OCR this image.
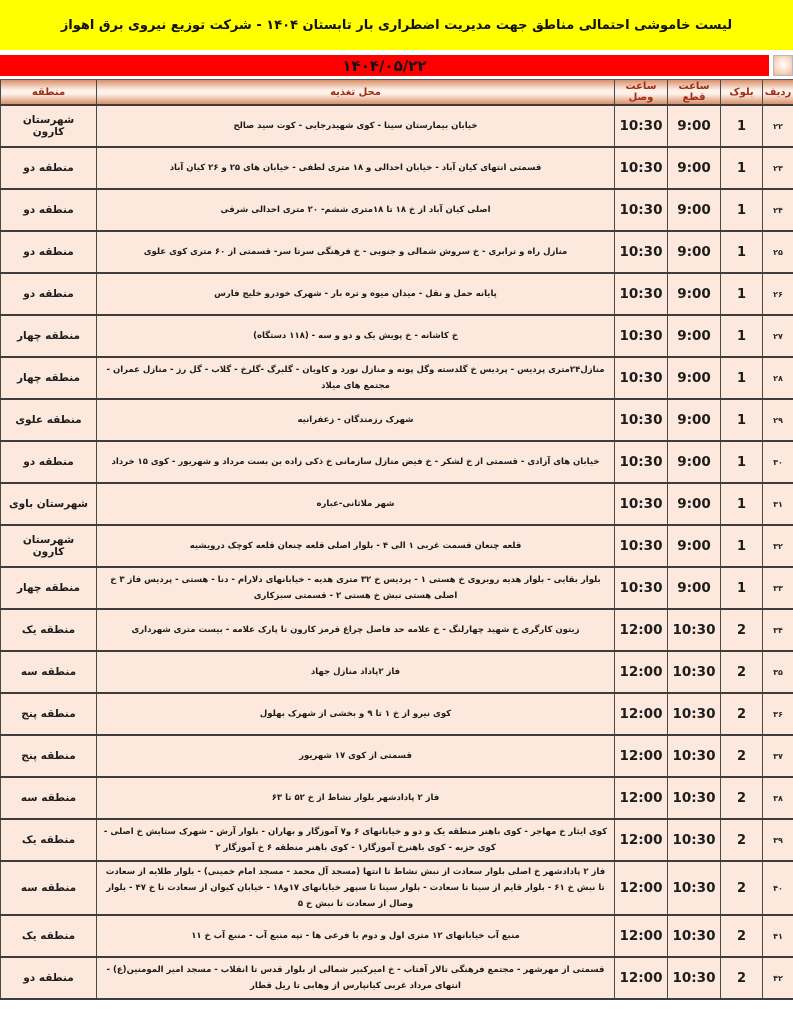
لیست خاموشی احتمالی مناطق جهت مدیریت اضطراری بار تابستان ۱۴۰۴ - شرکت توزیع نیروی برق اهواز
۱۴۰۴/۰۵/۲۲
ردیف
بلوک
ساعت قطع
ساعت وصل
محل تغذیه
منطقه
۲۲
1
9:00
10:30
خیابان بیمارستان سینا - کوی شهیدرجایی - کوت سید صالح
شهرستان کارون
۲۳
1
9:00
10:30
قسمتی انتهای کیان آباد - خیابان احدالی و ۱۸ متری لطفی - خیابان های ۲۵ و ۲۶ کیان آباد
منطقه دو
۲۴
1
9:00
10:30
اصلی کیان آباد از خ ۱۸ تا ۱۸متری ششم- ۲۰ متری احدالی شرقی
منطقه دو
۲۵
1
9:00
10:30
منازل راه و ترابری - خ سروش شمالی و جنوبی - خ فرهنگی سرتا سر- قسمتی از ۶۰ متری کوی علوی
منطقه دو
۲۶
1
9:00
10:30
پایانه حمل و نقل - میدان میوه و تره بار - شهرک خودرو خلیج فارس
منطقه دو
۲۷
1
9:00
10:30
خ کاشانه - خ پویش یک و دو و سه - (۱۱۸ دستگاه)
منطقه چهار
۲۸
1
9:00
10:30
منازل۲۴متری پردیس - پردیس خ گلدسته وگل پونه و منازل نورد و کاویان - گلبرگ -گلرخ - گلاب - گل رز - منازل عمران - مجتمع های میلاد
منطقه چهار
۲۹
1
9:00
10:30
شهرک رزمندگان - زعفرانیه
منطقه علوی
۳۰
1
9:00
10:30
خیابان های آزادی - قسمتی از خ لشکر - خ فیض منازل سازمانی خ ذکی زاده بن بست مرداد و شهریور - کوی ۱۵ خرداد
منطقه دو
۳۱
1
9:00
10:30
شهر ملاثانی-عباره
شهرستان باوی
۳۲
1
9:00
10:30
قلعه چنعان قسمت غربی ۱ الی ۴ - بلوار اصلی قلعه چنعان قلعه کوچک درویشیه
شهرستان کارون
۳۳
1
9:00
10:30
بلوار بقایی - بلوار هدیه روبروی خ هستی ۱ - پردیس خ ۳۲ متری هدیه - خیابانهای دلارام - دنا - هستی - پردیس فاز ۳ خ اصلی هستی نبش خ هستی ۲ - قسمتی سبزکاری
منطقه چهار
۳۴
2
10:30
12:00
زیتون کارگری خ شهید چهارلنگ - خ علامه حد فاصل چراغ قرمز کارون تا پارک علامه - بیست متری شهرداری
منطقه یک
۳۵
2
10:30
12:00
فاز ۲پاداد منازل جهاد
منطقه سه
۳۶
2
10:30
12:00
کوی نیرو از خ ۱ تا ۹ و بخشی از شهرک بهلول
منطقه پنج
۳۷
2
10:30
12:00
قسمتی از کوی ۱۷ شهریور
منطقه پنج
۳۸
2
10:30
12:00
فاز ۲ پادادشهر بلوار نشاط از خ ۵۲ تا ۶۳
منطقه سه
۳۹
2
10:30
12:00
کوی ایثار خ مهاجر - کوی باهنر منطقه یک و دو و خیابانهای ۶ و۷ آموزگار و بهاران - بلوار آرش - شهرک ستایش خ اصلی - کوی حزبه - کوی باهنرخ آموزگار۱ - کوی باهنر منطقه ۶ خ آموزگار ۲
منطقه یک
۴۰
2
10:30
12:00
فاز ۲ پادادشهر خ اصلی بلوار سعادت از نبش نشاط تا انتها (مسجد آل محمد - مسجد امام خمینی) - بلوار طلایه از سعادت تا نبش خ ۶۱ - بلوار قایم از سینا تا سعادت - بلوار سینا تا سپهر خیابانهای ۱۷و۱۸ - خیابان کیوان از سعادت تا خ ۴۷ - بلوار وصال از سعادت تا نبش خ ۵
منطقه سه
۴۱
2
10:30
12:00
منبع آب خیابانهای ۱۲ متری اول و دوم با فرعی ها - تپه منبع آب - منبع آب خ ۱۱
منطقه یک
۴۲
2
10:30
12:00
قسمتی از مهرشهر - مجتمع فرهنگی تالار آفتاب - خ امیرکبیر شمالی از بلوار قدس تا انقلاب - مسجد امیر المومنین(ع) - انتهای مرداد غربی کیانپارس از وهابی تا ریل قطار
منطقه دو
